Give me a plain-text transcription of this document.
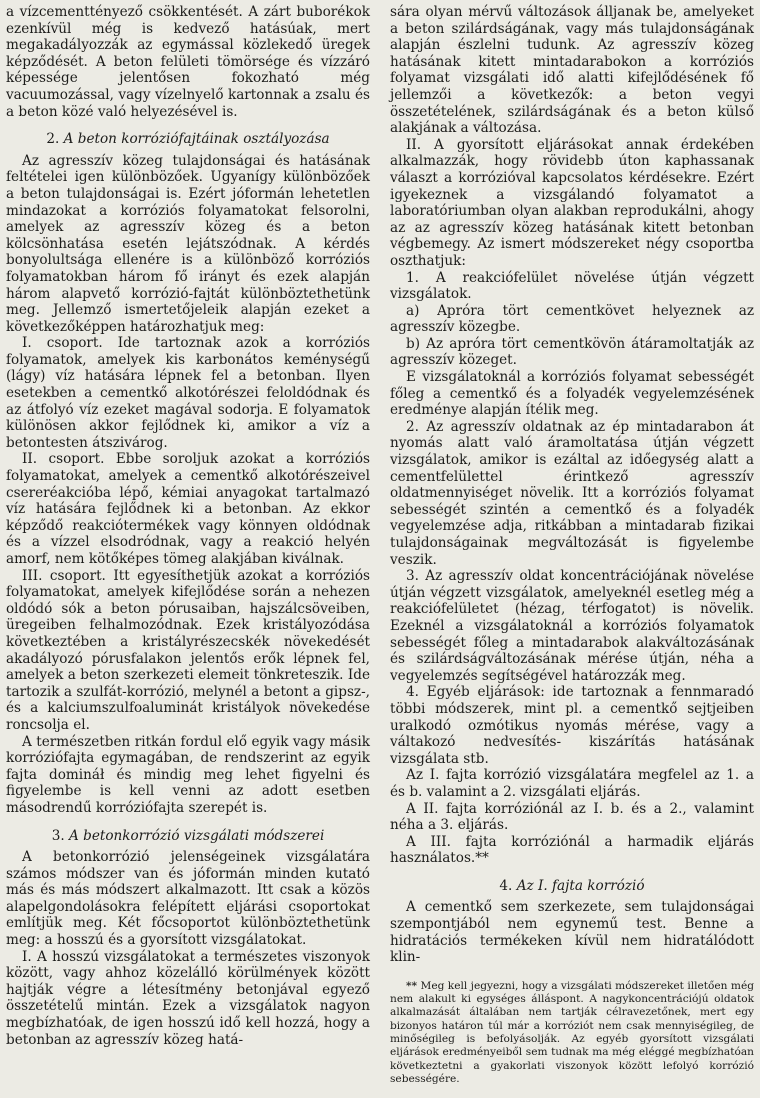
a vízcementtényező csökkentését. A zárt buborékok ezenkívül még is kedvező hatásúak, mert megakadályozzák az egymással közlekedő üregek képződését. A beton felületi tömörsége és vízzáró képessége jelentősen fokozható még vacuumozással, vagy vízelnyelő kartonnak a zsalu és a beton közé való helyezésével is.

2. A beton korróziófajtáinak osztályozása

Az agresszív közeg tulajdonságai és hatásának feltételei igen különbözőek. Ugyanígy különbözőek a beton tulajdonságai is. Ezért jóformán lehetetlen mindazokat a korróziós folyamatokat felsorolni, amelyek az agresszív közeg és a beton kölcsönhatása esetén lejátszódnak. A kérdés bonyolultsága ellenére is a különböző korróziós folyamatokban három fő irányt és ezek alapján három alapvető korrózió-fajtát különböztethetünk meg. Jellemző ismertetőjeleik alapján ezeket a következőképpen határozhatjuk meg:

I. csoport. Ide tartoznak azok a korróziós folyamatok, amelyek kis karbonátos keménységű (lágy) víz hatására lépnek fel a betonban. Ilyen esetekben a cementkő alkotórészei feloldódnak és az átfolyó víz ezeket magával sodorja. E folyamatok különösen akkor fejlődnek ki, amikor a víz a betontesten átszivárog.

II. csoport. Ebbe soroljuk azokat a korróziós folyamatokat, amelyek a cementkő alkotórészeivel csereréakcióba lépő, kémiai anyagokat tartalmazó víz hatására fejlődnek ki a betonban. Az ekkor képződő reakciótermékek vagy könnyen oldódnak és a vízzel elsodródnak, vagy a reakció helyén amorf, nem kötőképes tömeg alakjában kiválnak.

III. csoport. Itt egyesíthetjük azokat a korróziós folyamatokat, amelyek kifejlődése során a nehezen oldódó sók a beton pórusaiban, hajszálcsöveiben, üregeiben felhalmozódnak. Ezek kristályozódása következtében a kristályrészecskék növekedését akadályozó pórusfalakon jelentős erők lépnek fel, amelyek a beton szerkezeti elemeit tönkreteszik. Ide tartozik a szulfát-korrózió, melynél a betont a gipsz-, és a kalciumszulfoaluminát kristályok növekedése roncsolja el.

A természetben ritkán fordul elő egyik vagy másik korróziófajta egymagában, de rendszerint az egyik fajta domináł és mindig meg lehet figyelni és figyelembe is kell venni az adott esetben másodrendű korróziófajta szerepét is.

3. A betonkorrózió vizsgálati módszerei

A betonkorrózió jelenségeinek vizsgálatára számos módszer van és jóformán minden kutató más és más módszert alkalmazott. Itt csak a közös alapelgondolásokra felépített eljárási csoportokat említjük meg. Két főcsoportot különböztethetünk meg: a hosszú és a gyorsított vizsgálatokat.

I. A hosszú vizsgálatokat a természetes viszonyok között, vagy ahhoz közelálló körülmények között hajtják végre a létesítmény betonjával egyező összetételű mintán. Ezek a vizsgálatok nagyon megbízhatóak, de igen hosszú idő kell hozzá, hogy a betonban az agresszív közeg hatá-

sára olyan mérvű változások álljanak be, amelyeket a beton szilárdságának, vagy más tulajdonságának alapján észlelni tudunk. Az agresszív közeg hatásának kitett mintadarabokon a korróziós folyamat vizsgálati idő alatti kifejlődésének fő jellemzői a következők: a beton vegyi összetételének, szilárdságának és a beton külső alakjának a változása.

II. A gyorsított eljárásokat annak érdekében alkalmazzák, hogy rövidebb úton kaphassanak választ a korrózióval kapcsolatos kérdésekre. Ezért igyekeznek a vizsgálandó folyamatot a laboratóriumban olyan alakban reprodukálni, ahogy az az agresszív közeg hatásának kitett betonban végbemegy. Az ismert módszereket négy csoportba oszthatjuk:

1. A reakciófelület növelése útján végzett vizsgálatok.

a) Apróra tört cementkövet helyeznek az agresszív közegbe.

b) Az apróra tört cementkövön átáramoltatják az agresszív közeget.

E vizsgálatoknál a korróziós folyamat sebességét főleg a cementkő és a folyadék vegyelemzésének eredménye alapján ítélik meg.

2. Az agresszív oldatnak az ép mintadarabon át nyomás alatt való áramoltatása útján végzett vizsgálatok, amikor is ezáltal az időegység alatt a cementfelülettel érintkező agresszív oldatmennyiséget növelik. Itt a korróziós folyamat sebességét szintén a cementkő és a folyadék vegyelemzése adja, ritkábban a mintadarab fizikai tulajdonságainak megváltozását is figyelembe veszik.

3. Az agresszív oldat koncentrációjának növelése útján végzett vizsgálatok, amelyeknél esetleg még a reakciófelületet (hézag, térfogatot) is növelik. Ezeknél a vizsgálatoknál a korróziós folyamatok sebességét főleg a mintadarabok alakváltozásának és szilárdságváltozásának mérése útján, néha a vegyelemzés segítségével határozzák meg.

4. Egyéb eljárások: ide tartoznak a fennmaradó többi módszerek, mint pl. a cementkő sejtjeiben uralkodó ozmótikus nyomás mérése, vagy a váltakozó nedvesítés- kiszárítás hatásának vizsgálata stb.

Az I. fajta korrózió vizsgálatára megfelel az 1. a és b. valamint a 2. vizsgálati eljárás.

A II. fajta korróziónál az I. b. és a 2., valamint néha a 3. eljárás.

A III. fajta korróziónál a harmadik eljárás használatos.**

4. Az I. fajta korrózió

A cementkő sem szerkezete, sem tulajdonságai szempontjából nem egynemű test. Benne a hidratációs termékeken kívül nem hidratálódott klin-

** Meg kell jegyezni, hogy a vizsgálati módszereket illetően még nem alakult ki egységes álláspont. A nagykoncentrációjú oldatok alkalmazását általában nem tartják célravezetőnek, mert egy bizonyos határon túl már a korróziót nem csak mennyiségileg, de minőségileg is befolyásolják. Az egyéb gyorsított vizsgálati eljárások eredményeiből sem tudnak ma még eléggé megbízhatóan következtetni a gyakorlati viszonyok között lefolyó korrózió sebességére.
